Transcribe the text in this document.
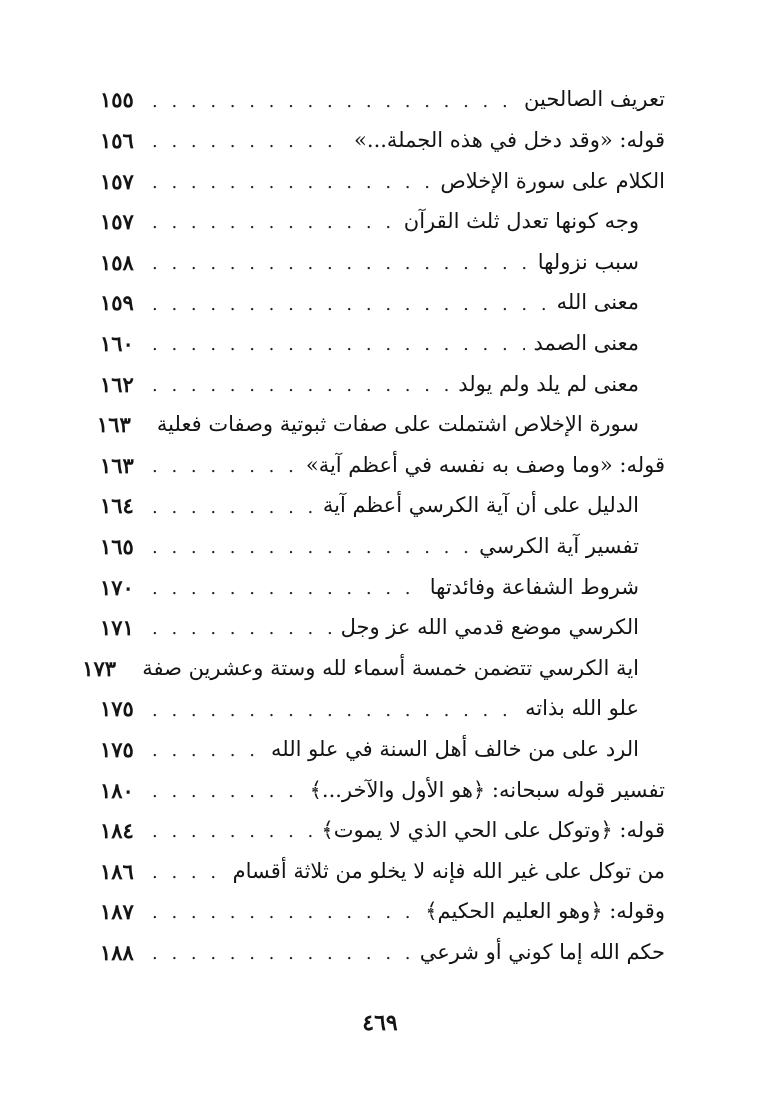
تعريف الصالحين
. . .
١٥٥
قوله: «وقد دخل في هذه الجملة...»
. . .
١٥٦
الكلام على سورة الإخلاص
. . .
١٥٧
وجه كونها تعدل ثلث القرآن
. . .
١٥٧
سبب نزولها
. . .
١٥٨
معنى الله
. . .
١٥٩
معنى الصمد
. . .
١٦٠
معنى لم يلد ولم يولد
. . .
١٦٢
سورة الإخلاص اشتملت على صفات ثبوتية وصفات فعلية
١٦٣
قوله: «وما وصف به نفسه في أعظم آية»
. . .
١٦٣
الدليل على أن آية الكرسي أعظم آية
. . .
١٦٤
تفسير آية الكرسي
. . .
١٦٥
شروط الشفاعة وفائدتها
. . .
١٧٠
الكرسي موضع قدمي الله عز وجل
. . .
١٧١
اية الكرسي تتضمن خمسة أسماء لله وستة وعشرين صفة
١٧٣
علو الله بذاته
. . .
١٧٥
الرد على من خالف أهل السنة في علو الله
. . .
١٧٥
تفسير قوله سبحانه: ﴿هو الأول والآخر...﴾
. . .
١٨٠
قوله: ﴿وتوكل على الحي الذي لا يموت﴾
. . .
١٨٤
من توكل على غير الله فإنه لا يخلو من ثلاثة أقسام
. . .
١٨٦
وقوله: ﴿وهو العليم الحكيم﴾
. . .
١٨٧
حكم الله إما كوني أو شرعي
. . .
١٨٨
٤٦٩
